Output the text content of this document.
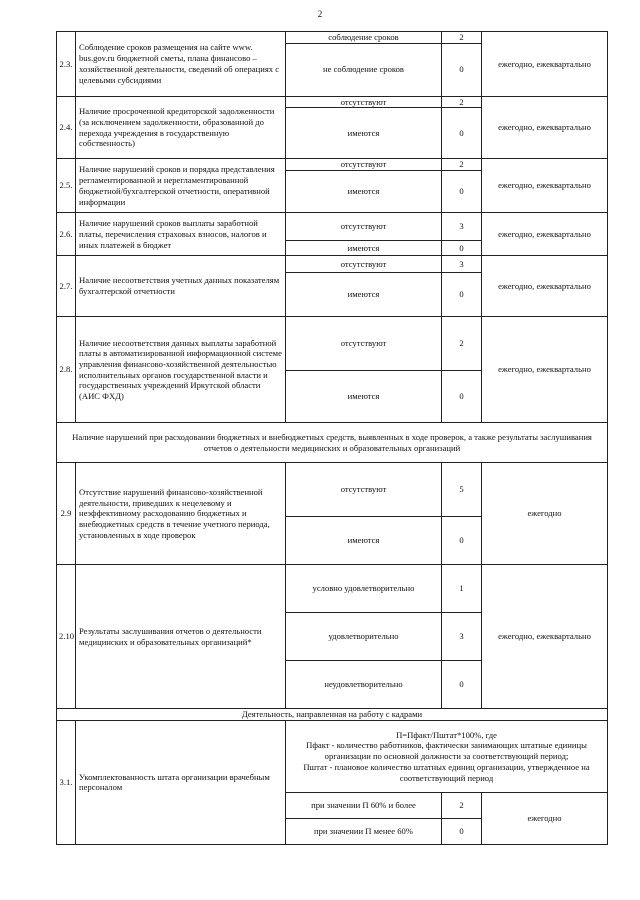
2
2.3.	Соблюдение сроков размещения на сайте www. bus.gov.ru бюджетной сметы, плана финансово – хозяйственной деятельности, сведений об операциях с целевыми субсидиями	соблюдение сроков	2	ежегодно, ежеквартально
		не соблюдение сроков	0	
2.4.	Наличие просроченной кредиторской задолженности (за исключением задолженности, образованной до перехода учреждения в государственную собственность)	отсутствуют	2	ежегодно, ежеквартально
		имеются	0	
2.5.	Наличие нарушений сроков и порядка представления регламентированной и нерегламентированной бюджетной/бухгалтерской отчетности, оперативной информации	отсутствуют	2	ежегодно, ежеквартально
		имеются	0	
2.6.	Наличие нарушений сроков выплаты заработной платы, перечисления страховых взносов, налогов и иных платежей в бюджет	отсутствуют	3	ежегодно, ежеквартально
		имеются	0	
2.7.	Наличие несоответствия учетных данных показателям бухгалтерской отчетности	отсутствуют	3	ежегодно, ежеквартально
		имеются	0	
2.8.	Наличие несоответствия данных выплаты заработной платы в автоматизированной информационной системе управления финансово-хозяйственной деятельностью исполнительных органов государственной власти и государственных учреждений Иркутской области (АИС ФХД)	отсутствуют	2	ежегодно, ежеквартально
		имеются	0	
Наличие нарушений при расходовании бюджетных и внебюджетных средств, выявленных в ходе проверок, а также результаты заслушивания отчетов о деятельности медицинских и образовательных организаций				
2.9	Отсутствие нарушений финансово-хозяйственной деятельности, приведших к нецелевому и неэффективному расходованию бюджетных и внебюджетных средств в течение учетного периода, установленных в ходе проверок	отсутствуют	5	ежегодно
		имеются	0	
2.10	Результаты заслушивания отчетов о деятельности медицинских и образовательных организаций*	условно удовлетворительно	1	ежегодно, ежеквартально
		удовлетворительно	3	
		неудовлетворительно	0	
Деятельность, направленная на работу с кадрами				
3.1.	Укомплектованность штата организации врачебным персоналом	П=Пфакт/Пштат*100%, где
Пфакт - количество работников, фактически занимающих штатные единицы организации по основной должности за соответствующий период;
Пштат - плановое количество штатных единиц организации, утвержденное на соответствующий период		

		при значении П 60% и более	2	ежегодно
		при значении П менее 60%	0	
